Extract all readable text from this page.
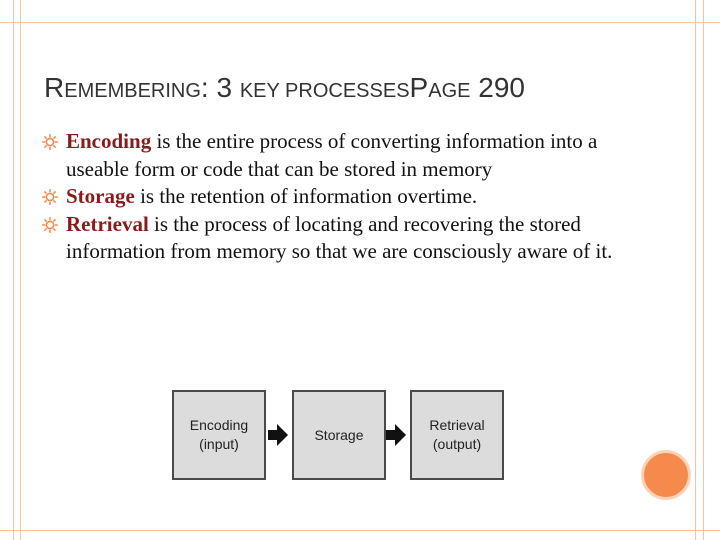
REMEMBERING: 3 KEY PROCESSESPAGE 290
Encoding is the entire process of converting information into a useable form or code that can be stored in memory
Storage is the retention of information overtime.
Retrieval is the process of locating and recovering the stored information from memory so that we are consciously aware of it.
Encoding
(input)
Storage
Retrieval
(output)
